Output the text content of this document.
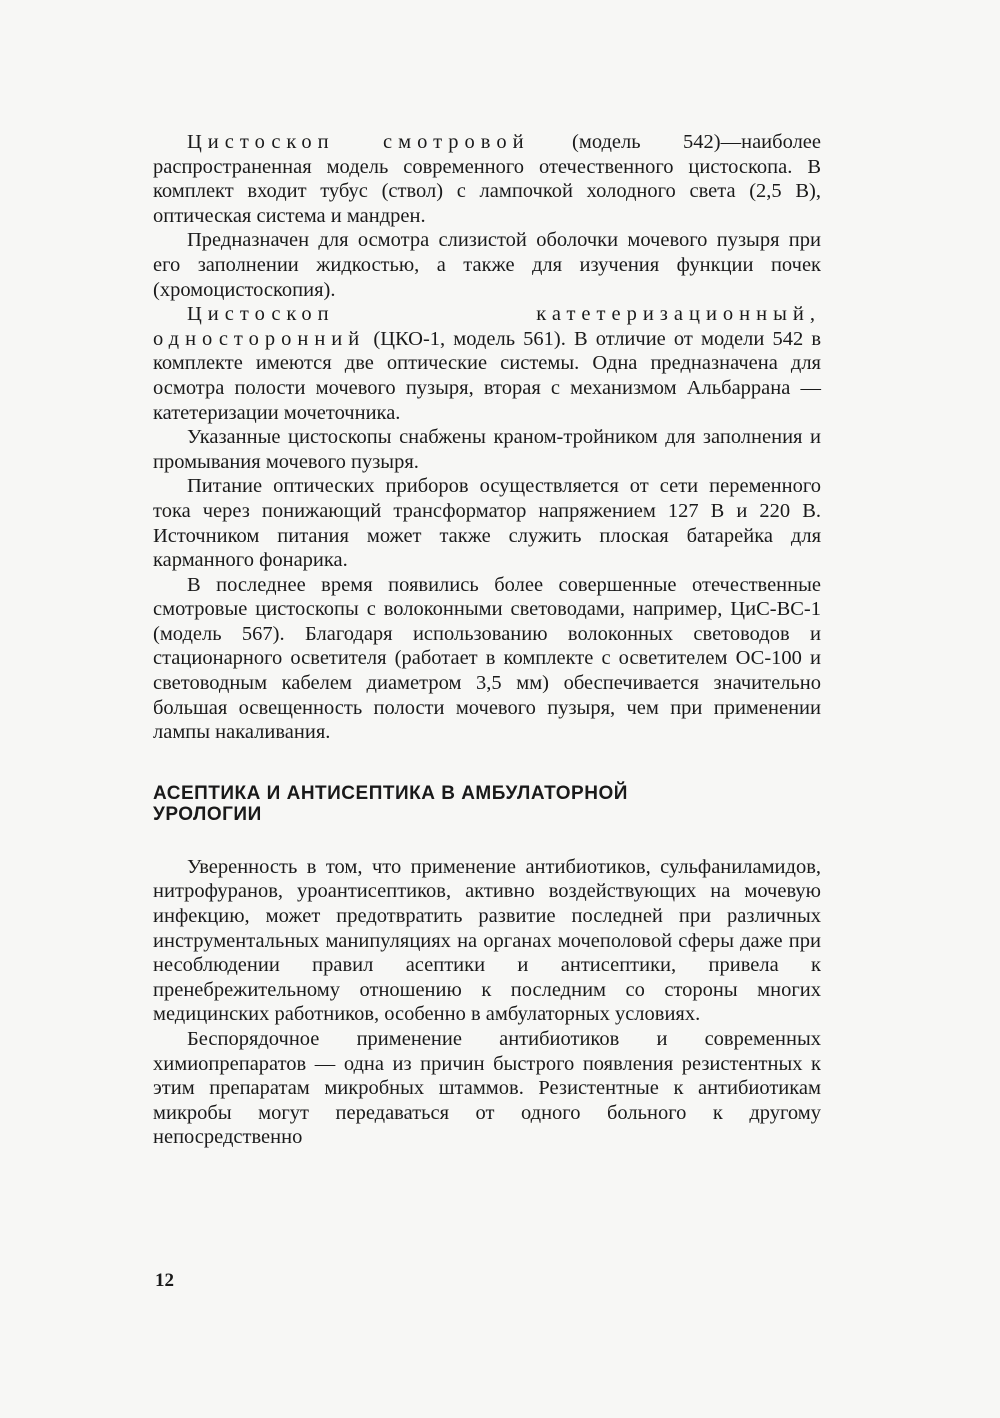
Цистоскоп смотровой (модель 542)—наиболее распространенная модель современного отечественного цистоскопа. В комплект входит тубус (ствол) с лампочкой холодного света (2,5 В), оптическая система и мандрен.

Предназначен для осмотра слизистой оболочки мочевого пузыря при его заполнении жидкостью, а также для изучения функции почек (хромоцистоскопия).

Цистоскоп катетеризационный, односторонний (ЦКО-1, модель 561). В отличие от модели 542 в комплекте имеются две оптические системы. Одна предназначена для осмотра полости мочевого пузыря, вторая с механизмом Альбаррана — катетеризации мочеточника.

Указанные цистоскопы снабжены краном-тройником для заполнения и промывания мочевого пузыря.

Питание оптических приборов осуществляется от сети переменного тока через понижающий трансформатор напряжением 127 В и 220 В. Источником питания может также служить плоская батарейка для карманного фонарика.

В последнее время появились более совершенные отечественные смотровые цистоскопы с волоконными световодами, например, ЦиС-ВС-1 (модель 567). Благодаря использованию волоконных световодов и стационарного осветителя (работает в комплекте с осветителем ОС-100 и световодным кабелем диаметром 3,5 мм) обеспечивается значительно большая освещенность полости мочевого пузыря, чем при применении лампы накаливания.

АСЕПТИКА И АНТИСЕПТИКА В АМБУЛАТОРНОЙ
УРОЛОГИИ

Уверенность в том, что применение антибиотиков, сульфаниламидов, нитрофуранов, уроантисептиков, активно воздействующих на мочевую инфекцию, может предотвратить развитие последней при различных инструментальных манипуляциях на органах мочеполовой сферы даже при несоблюдении правил асептики и антисептики, привела к пренебрежительному отношению к последним со стороны многих медицинских работников, особенно в амбулаторных условиях.

Беспорядочное применение антибиотиков и современных химиопрепаратов — одна из причин быстрого появления резистентных к этим препаратам микробных штаммов. Резистентные к антибиотикам микробы могут передаваться от одного больного к другому непосредственно

12
